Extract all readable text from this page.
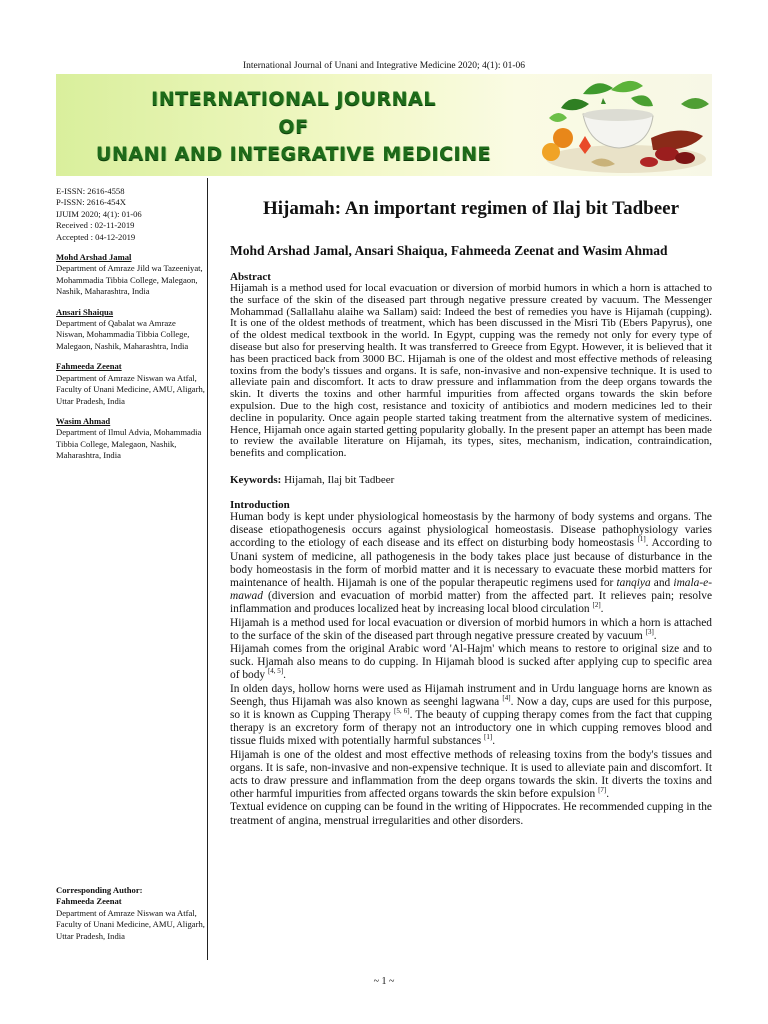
International Journal of Unani and Integrative Medicine 2020; 4(1): 01-06
INTERNATIONAL JOURNAL
OF
UNANI AND INTEGRATIVE MEDICINE
E-ISSN: 2616-4558
P-ISSN: 2616-454X
IJUIM 2020; 4(1): 01-06
Received : 02-11-2019
Accepted : 04-12-2019
Mohd Arshad Jamal
Department of Amraze Jild wa Tazeeniyat, Mohammadia Tibbia College, Malegaon, Nashik, Maharashtra, India
Ansari Shaiqua
Department of Qabalat wa Amraze Niswan, Mohammadia Tibbia College, Malegaon, Nashik, Maharashtra, India
Fahmeeda Zeenat
Department of Amraze Niswan wa Atfal, Faculty of Unani Medicine, AMU, Aligarh, Uttar Pradesh, India
Wasim Ahmad
Department of Ilmul Advia, Mohammadia Tibbia College, Malegaon, Nashik, Maharashtra, India
Corresponding Author:
Fahmeeda Zeenat
Department of Amraze Niswan wa Atfal, Faculty of Unani Medicine, AMU, Aligarh, Uttar Pradesh, India
Hijamah: An important regimen of Ilaj bit Tadbeer
Mohd Arshad Jamal, Ansari Shaiqua, Fahmeeda Zeenat and Wasim Ahmad
Abstract
Hijamah is a method used for local evacuation or diversion of morbid humors in which a horn is attached to the surface of the skin of the diseased part through negative pressure created by vacuum. The Messenger Mohammad (Sallallahu alaihe wa Sallam) said: Indeed the best of remedies you have is Hijamah (cupping). It is one of the oldest methods of treatment, which has been discussed in the Misri Tib (Ebers Papyrus), one of the oldest medical textbook in the world. In Egypt, cupping was the remedy not only for every type of disease but also for preserving health. It was transferred to Greece from Egypt. However, it is believed that it has been practiced back from 3000 BC. Hijamah is one of the oldest and most effective methods of releasing toxins from the body's tissues and organs. It is safe, non-invasive and non-expensive technique. It is used to alleviate pain and discomfort. It acts to draw pressure and inflammation from the deep organs towards the skin. It diverts the toxins and other harmful impurities from affected organs towards the skin before expulsion. Due to the high cost, resistance and toxicity of antibiotics and modern medicines led to their decline in popularity. Once again people started taking treatment from the alternative system of medicines. Hence, Hijamah once again started getting popularity globally. In the present paper an attempt has been made to review the available literature on Hijamah, its types, sites, mechanism, indication, contraindication, benefits and complication.
Keywords: Hijamah, Ilaj bit Tadbeer
Introduction

Human body is kept under physiological homeostasis by the harmony of body systems and organs. The disease etiopathogenesis occurs against physiological homeostasis. Disease pathophysiology varies according to the etiology of each disease and its effect on disturbing body homeostasis [1]. According to Unani system of medicine, all pathogenesis in the body takes place just because of disturbance in the body homeostasis in the form of morbid matter and it is necessary to evacuate these morbid matters for maintenance of health. Hijamah is one of the popular therapeutic regimens used for tanqiya and imala-e-mawad (diversion and evacuation of morbid matter) from the affected part. It relieves pain; resolve inflammation and produces localized heat by increasing local blood circulation [2].

Hijamah is a method used for local evacuation or diversion of morbid humors in which a horn is attached to the surface of the skin of the diseased part through negative pressure created by vacuum [3].

Hijamah comes from the original Arabic word 'Al-Hajm' which means to restore to original size and to suck. Hjamah also means to do cupping. In Hijamah blood is sucked after applying cup to specific area of body [4, 5].

In olden days, hollow horns were used as Hijamah instrument and in Urdu language horns are known as Seengh, thus Hijamah was also known as seenghi lagwana [4]. Now a day, cups are used for this purpose, so it is known as Cupping Therapy [5, 6]. The beauty of cupping therapy comes from the fact that cupping therapy is an excretory form of therapy not an introductory one in which cupping removes blood and tissue fluids mixed with potentially harmful substances [1].

Hijamah is one of the oldest and most effective methods of releasing toxins from the body's tissues and organs. It is safe, non-invasive and non-expensive technique. It is used to alleviate pain and discomfort. It acts to draw pressure and inflammation from the deep organs towards the skin. It diverts the toxins and other harmful impurities from affected organs towards the skin before expulsion [7].

Textual evidence on cupping can be found in the writing of Hippocrates. He recommended cupping in the treatment of angina, menstrual irregularities and other disorders.

~ 1 ~
